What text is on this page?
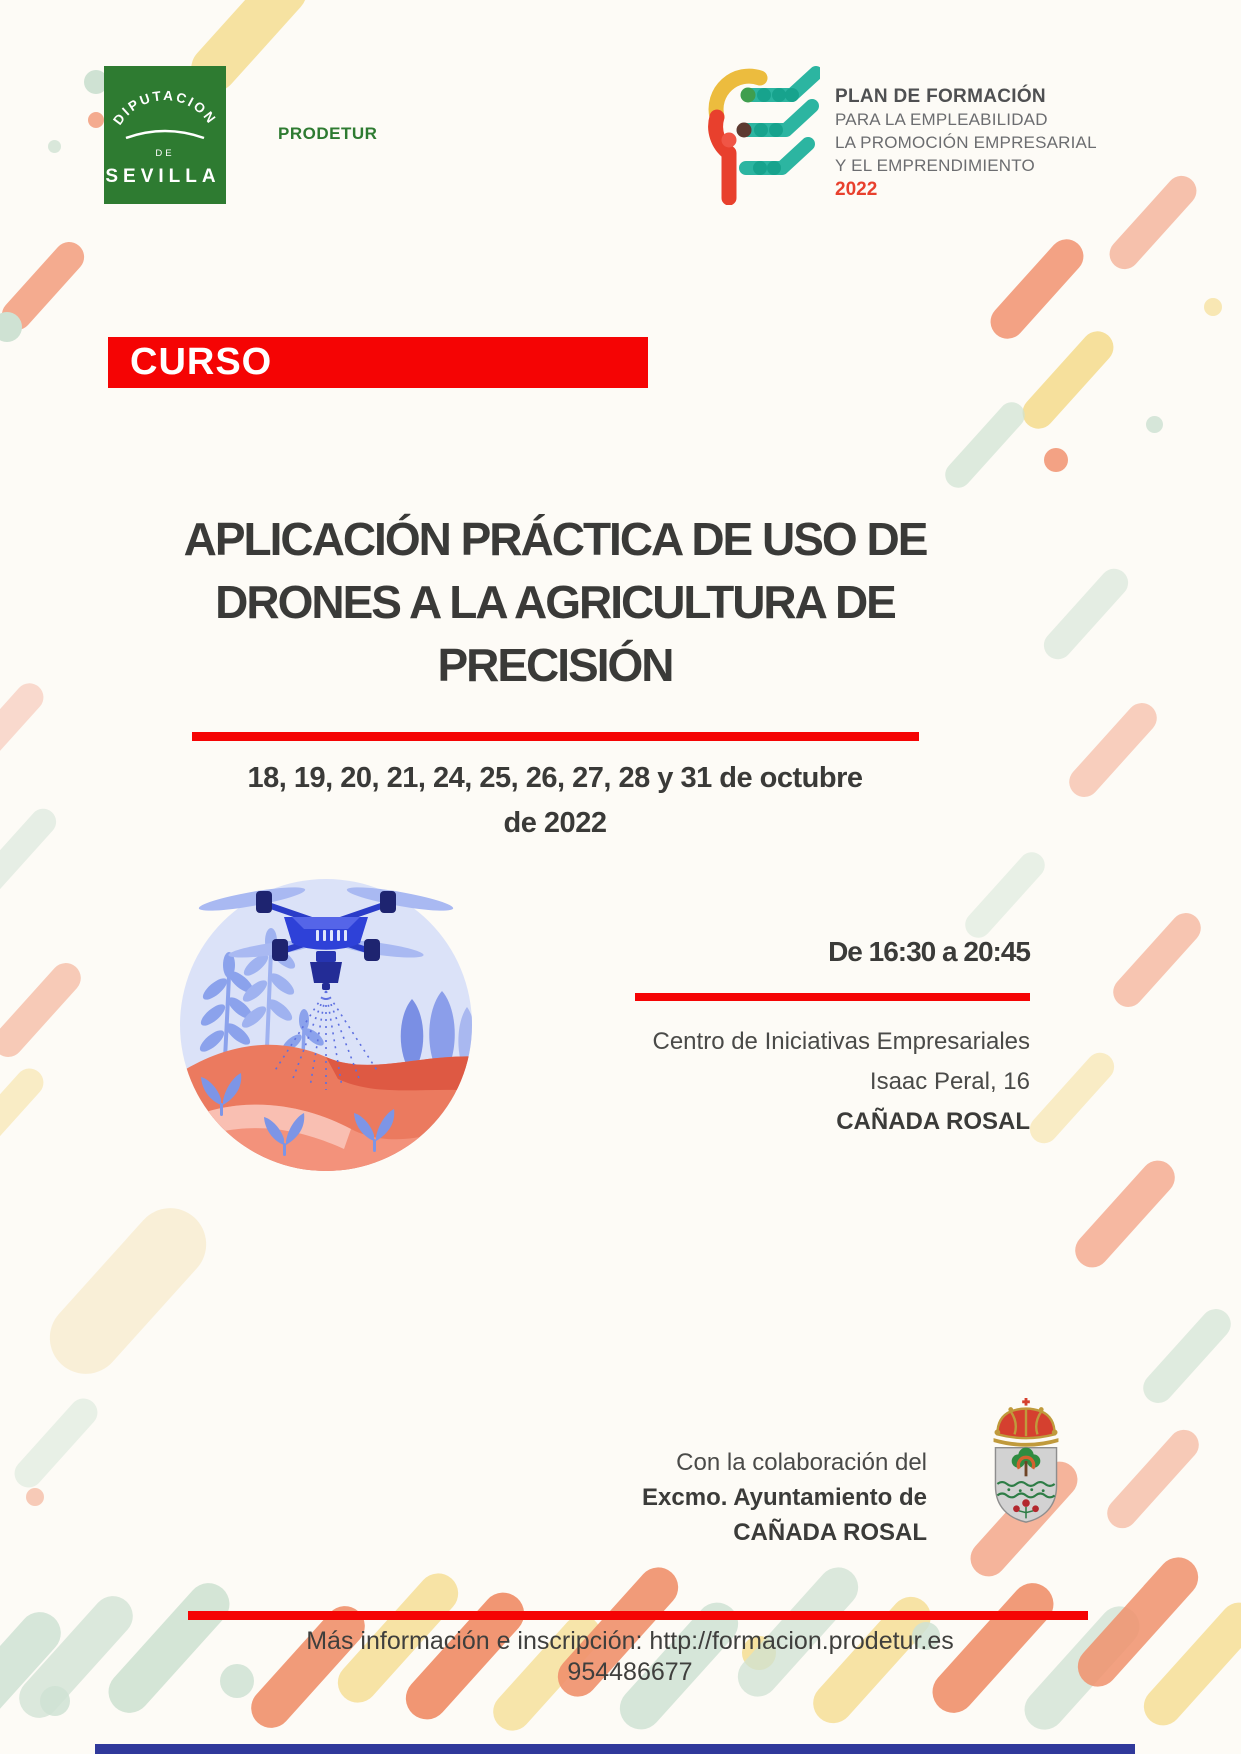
DIPUTACION
DE
SEVILLA
PRODETUR
PLAN DE FORMACIÓN
PARA LA EMPLEABILIDAD
LA PROMOCIÓN EMPRESARIAL
Y EL EMPRENDIMIENTO
2022
CURSO
APLICACIÓN PRÁCTICA DE USO DE
DRONES A LA AGRICULTURA DE
PRECISIÓN
18, 19, 20, 21, 24, 25, 26, 27, 28 y 31 de octubre
de 2022
De 16:30 a 20:45
Centro de Iniciativas Empresariales
Isaac Peral, 16
CAÑADA ROSAL
Con la colaboración del
Excmo. Ayuntamiento de
CAÑADA ROSAL
Más información e inscripción: http://formacion.prodetur.es
954486677
